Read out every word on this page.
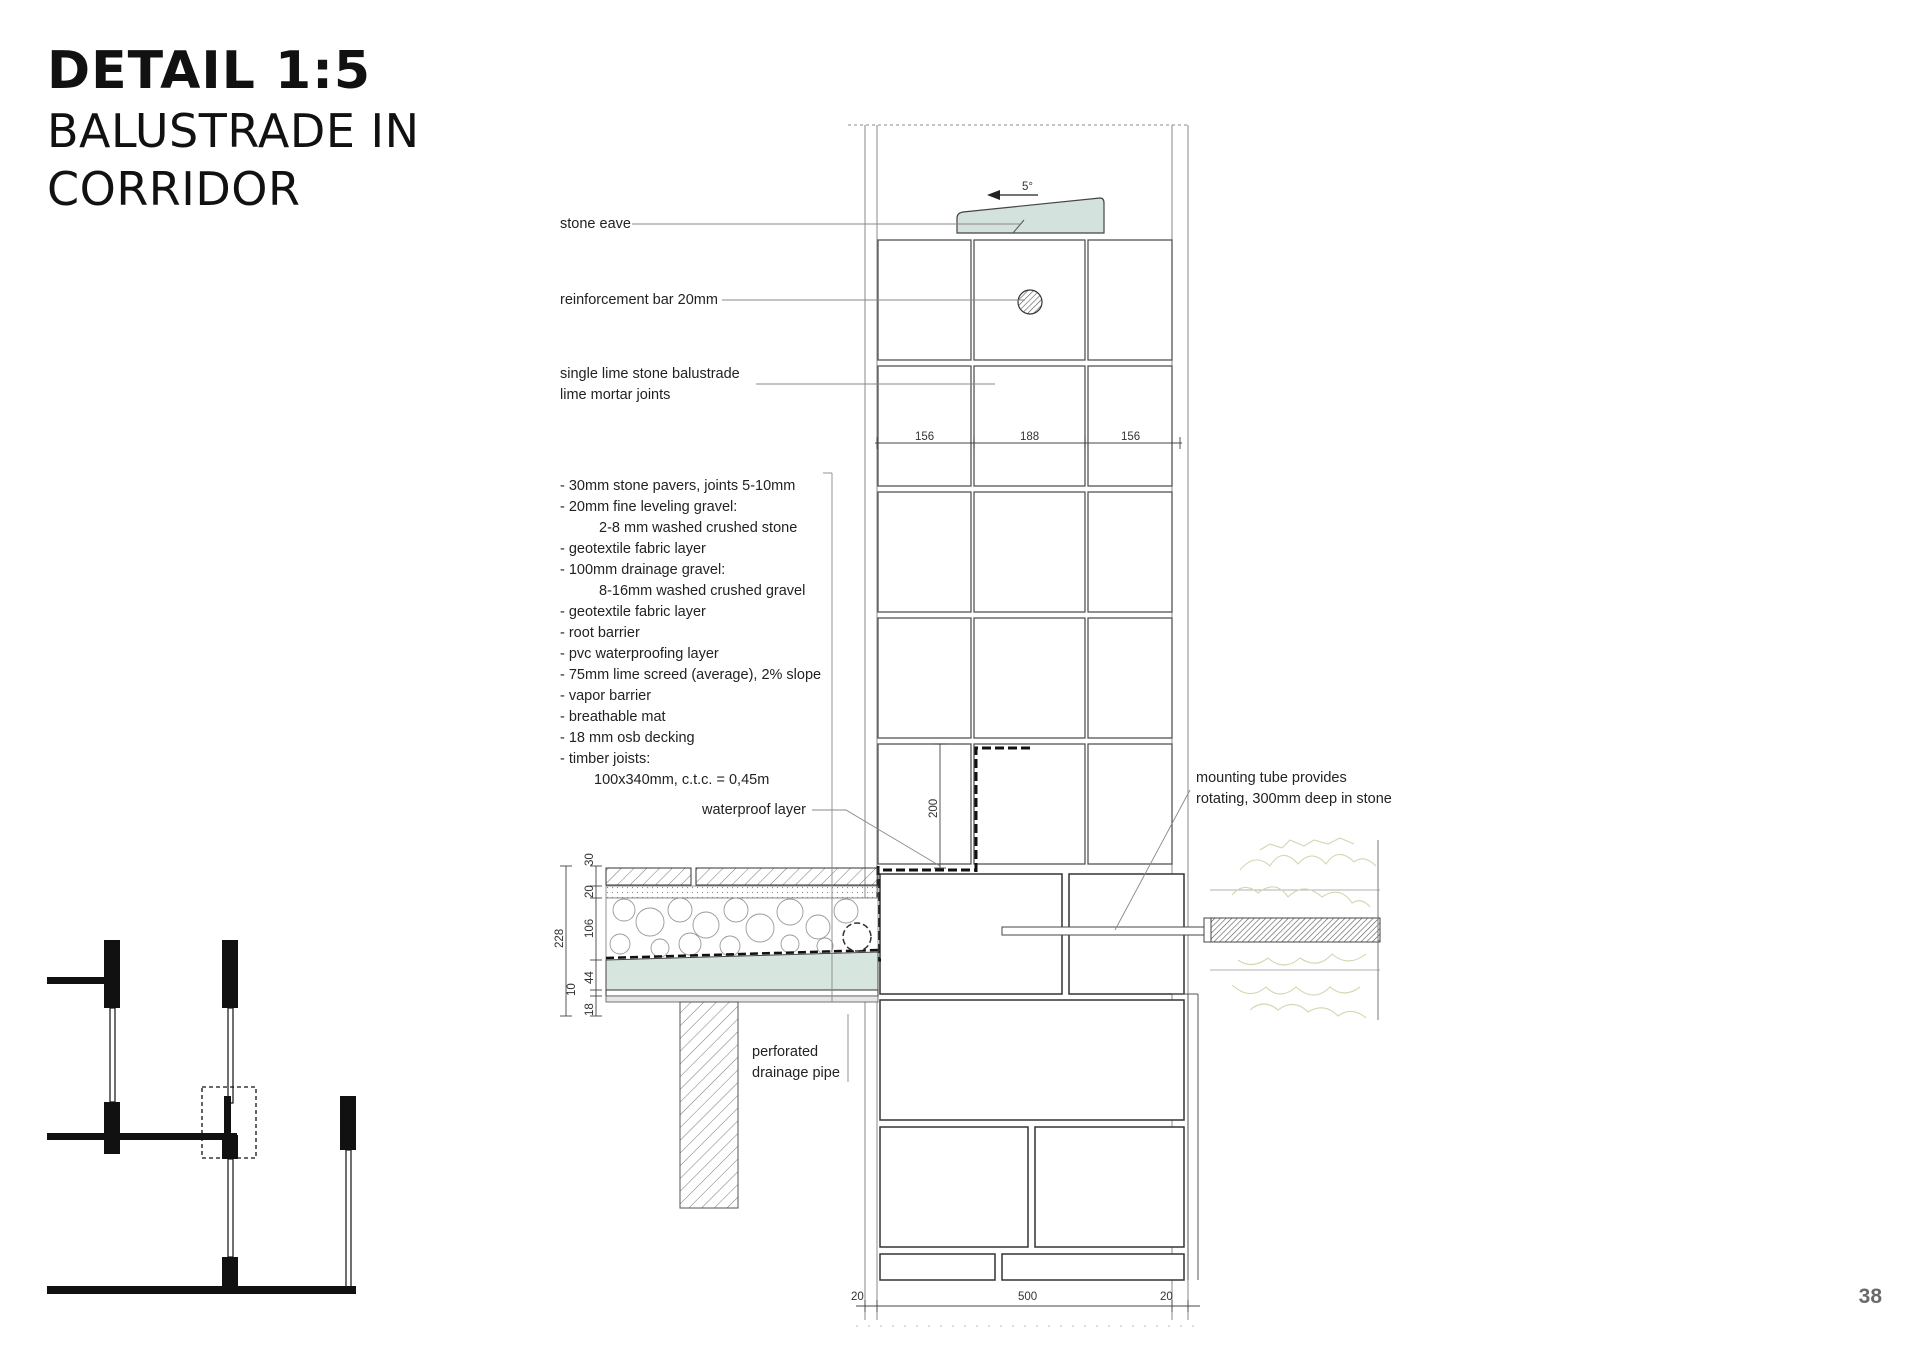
DETAIL 1:5
BALUSTRADE IN
CORRIDOR
38
5°
156	188	156
200
30
20
106
44
10
18
228
20	500	20
stone eave
reinforcement bar 20mm
single lime stone balustrade
lime mortar joints
- 30mm stone pavers, joints 5-10mm
- 20mm fine leveling gravel:
2-8 mm washed crushed stone
- geotextile fabric layer
- 100mm drainage gravel:
8-16mm washed crushed gravel
- geotextile fabric layer
- root barrier
- pvc waterproofing layer
- 75mm lime screed (average), 2% slope
- vapor barrier
- breathable mat
- 18 mm osb decking
- timber joists:
100x340mm, c.t.c. = 0,45m
waterproof layer
mounting tube provides
rotating, 300mm deep in stone
perforated
drainage pipe
